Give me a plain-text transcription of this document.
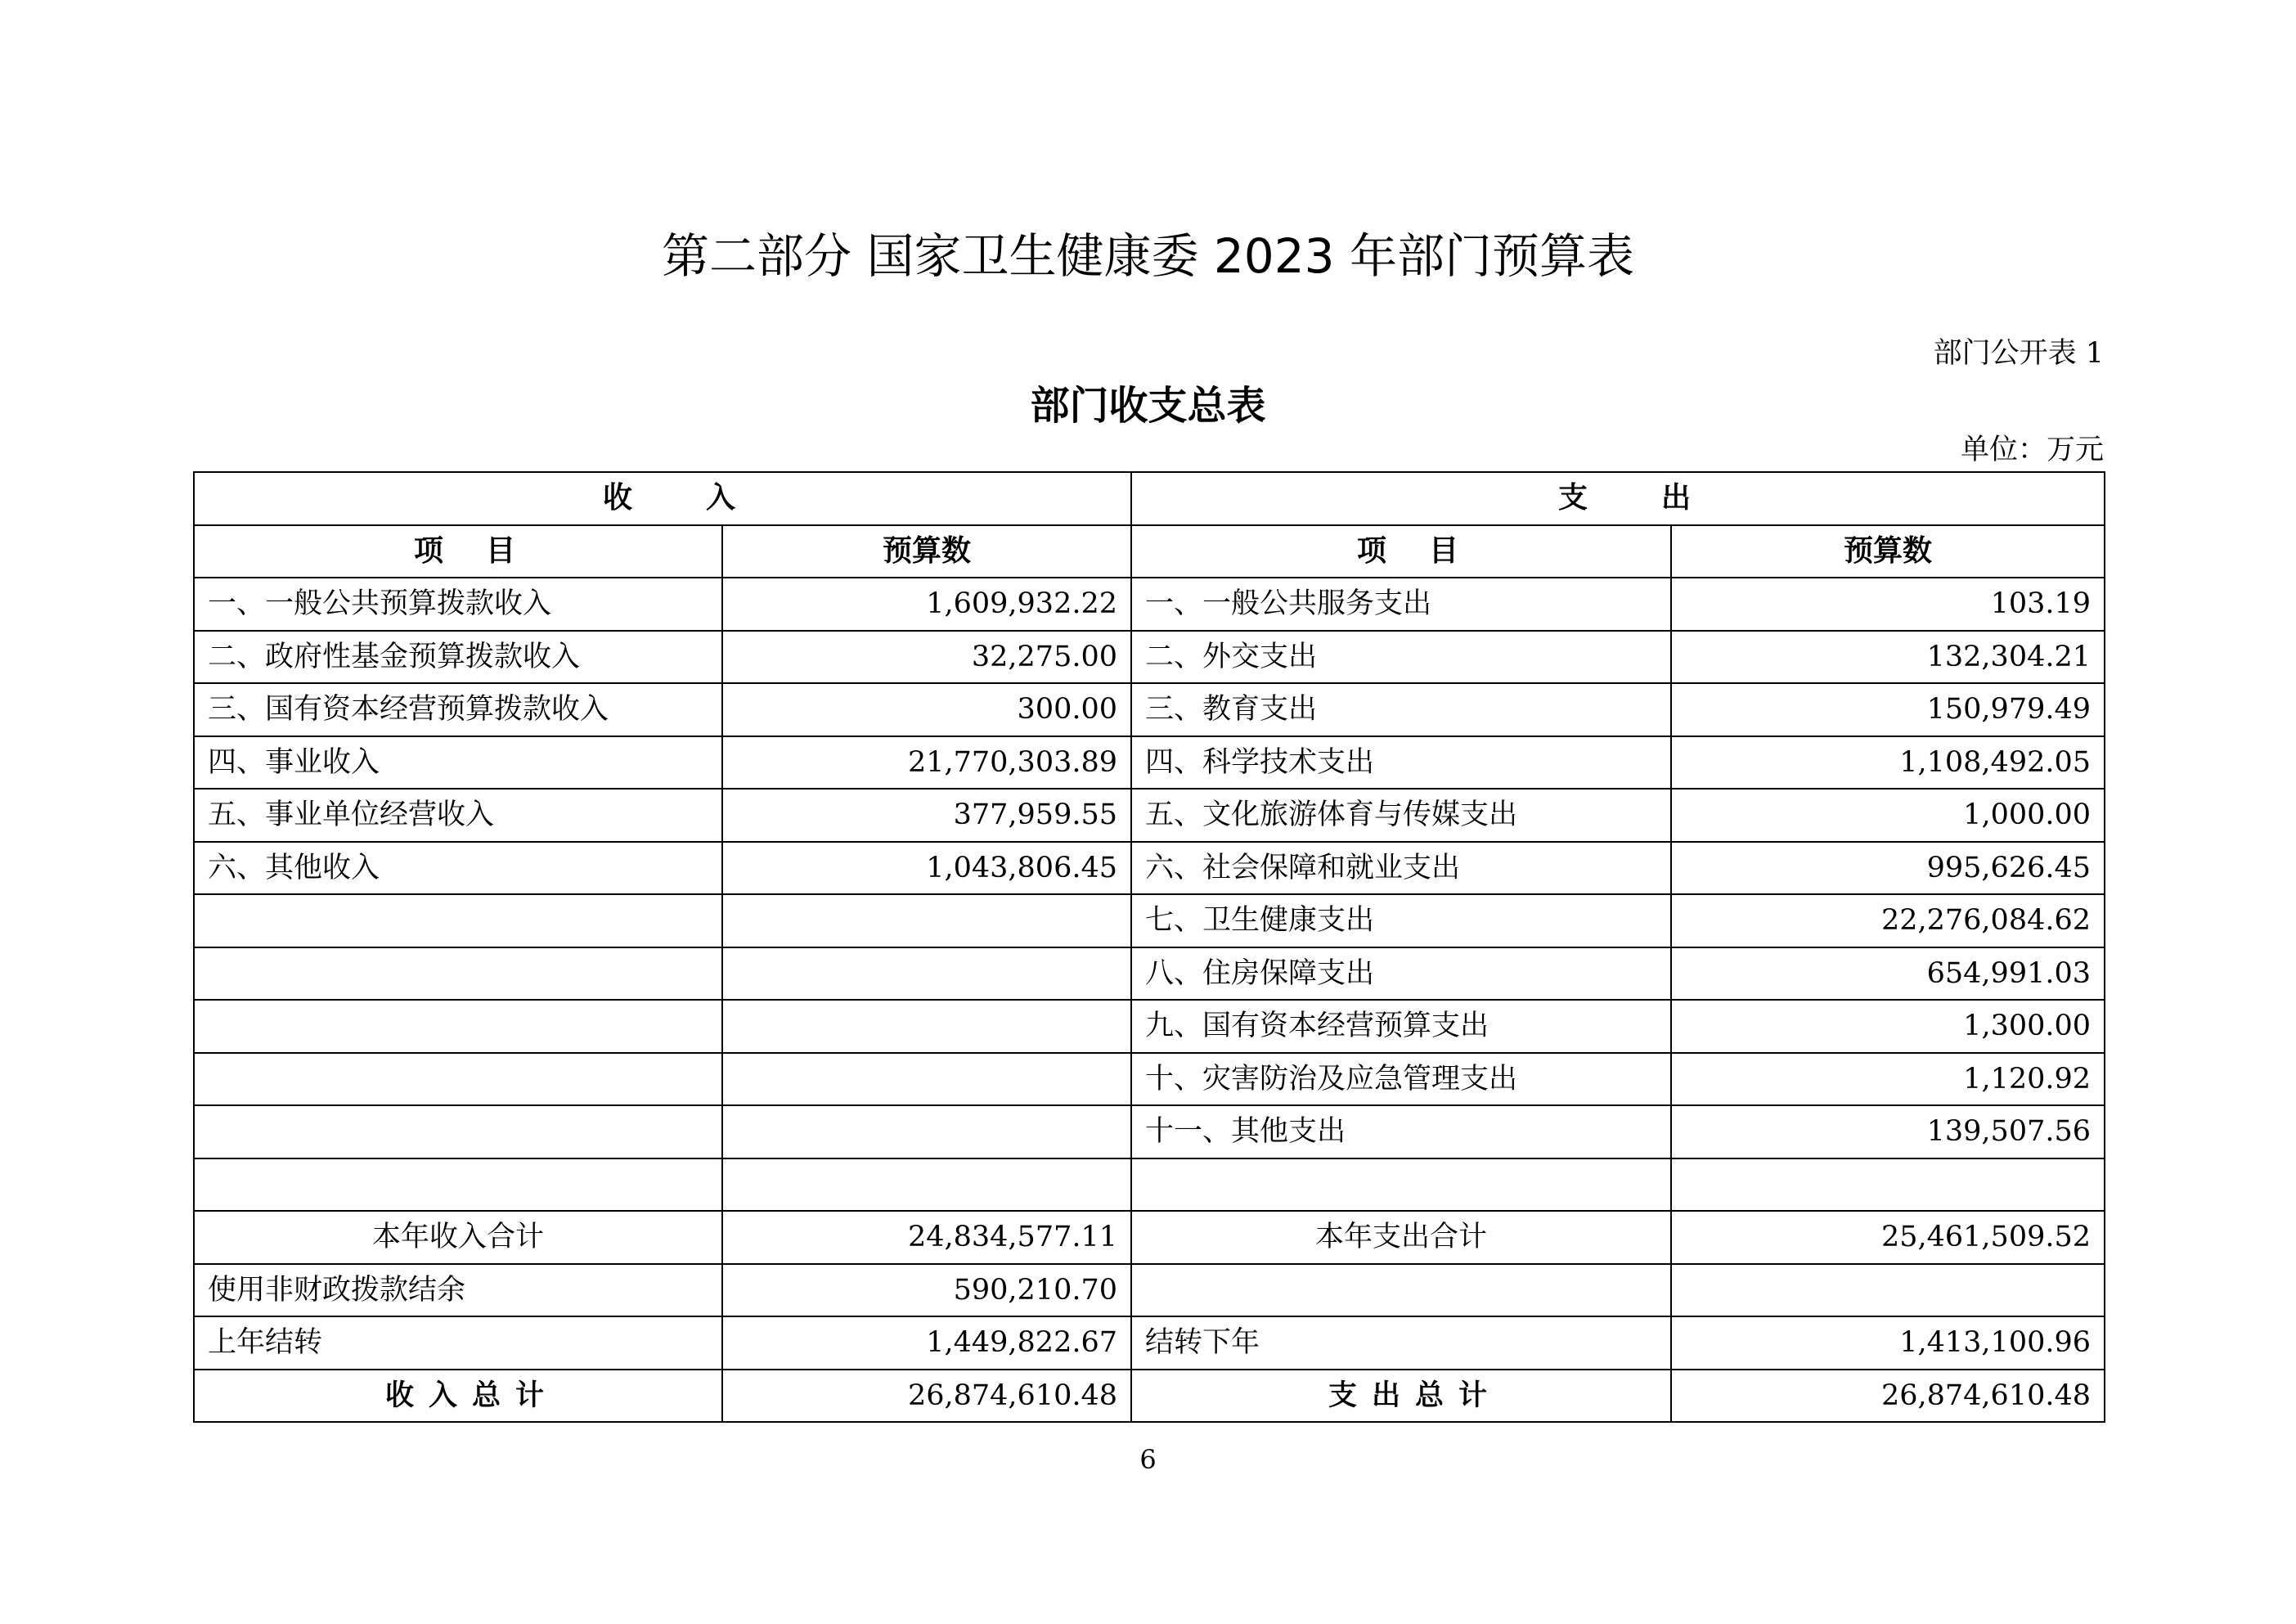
第二部分 国家卫生健康委 2023 年部门预算表
部门公开表 1
部门收支总表
单位：万元
收入		支出	
项目	预算数	项目	预算数
一、一般公共预算拨款收入	1,609,932.22	一、一般公共服务支出	103.19
二、政府性基金预算拨款收入	32,275.00	二、外交支出	132,304.21
三、国有资本经营预算拨款收入	300.00	三、教育支出	150,979.49
四、事业收入	21,770,303.89	四、科学技术支出	1,108,492.05
五、事业单位经营收入	377,959.55	五、文化旅游体育与传媒支出	1,000.00
六、其他收入	1,043,806.45	六、社会保障和就业支出	995,626.45
		七、卫生健康支出	22,276,084.62
		八、住房保障支出	654,991.03
		九、国有资本经营预算支出	1,300.00
		十、灾害防治及应急管理支出	1,120.92
		十一、其他支出	139,507.56

本年收入合计	24,834,577.11	本年支出合计	25,461,509.52
使用非财政拨款结余	590,210.70		
上年结转	1,449,822.67	结转下年	1,413,100.96
收入总计	26,874,610.48	支出总计	26,874,610.48
6
